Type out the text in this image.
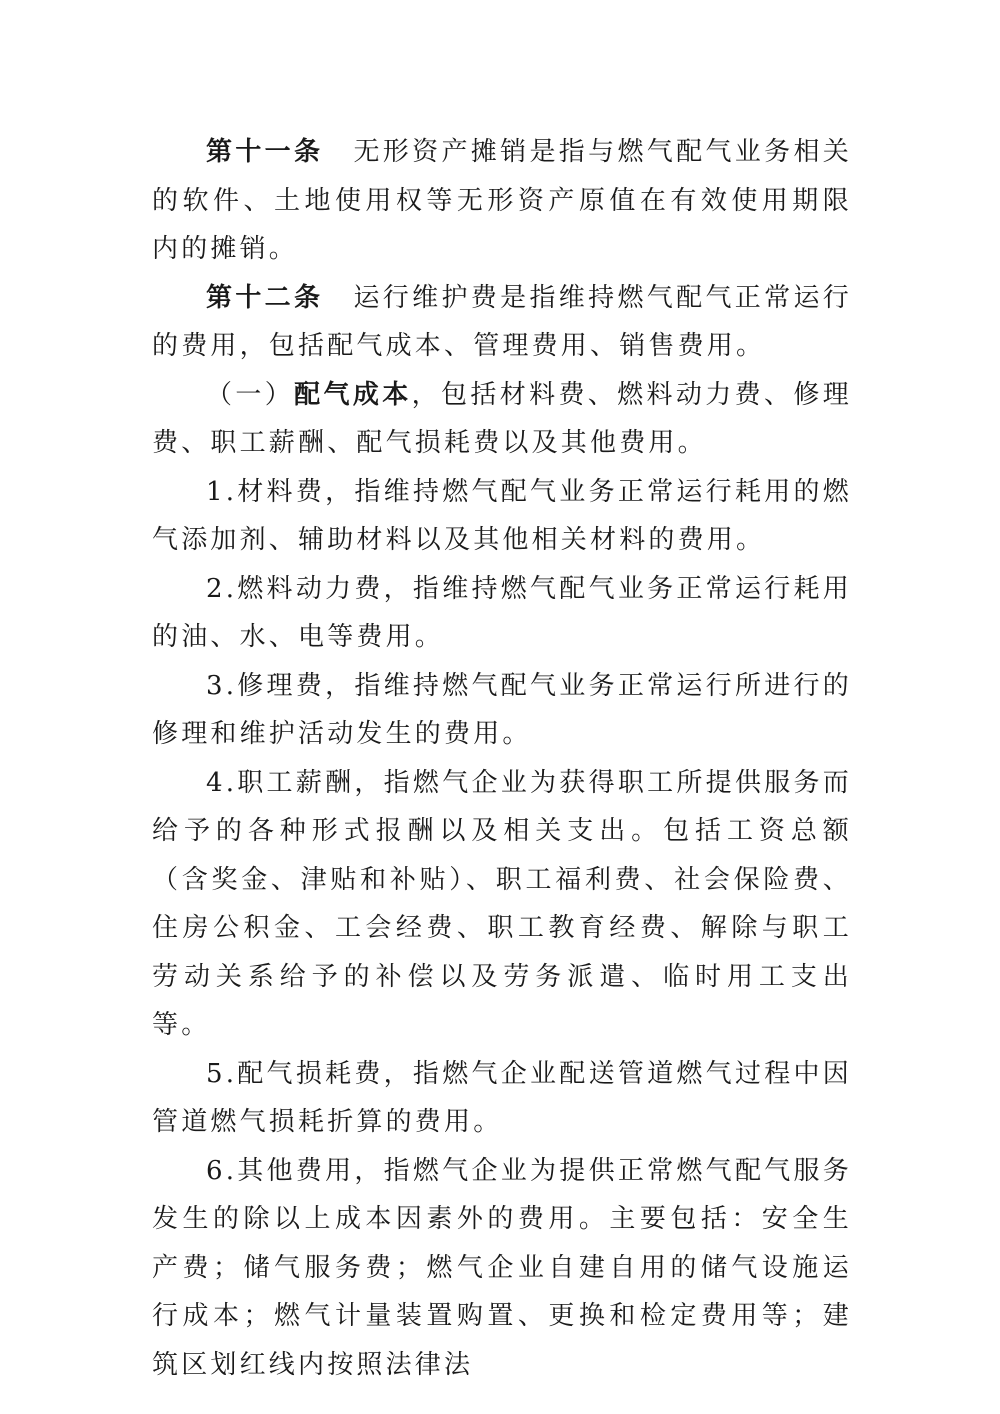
第十一条 无形资产摊销是指与燃气配气业务相关的软件、土地使用权等无形资产原值在有效使用期限内的摊销。

第十二条 运行维护费是指维持燃气配气正常运行的费用，包括配气成本、管理费用、销售费用。

（一）配气成本，包括材料费、燃料动力费、修理费、职工薪酬、配气损耗费以及其他费用。

1.材料费，指维持燃气配气业务正常运行耗用的燃气添加剂、辅助材料以及其他相关材料的费用。

2.燃料动力费，指维持燃气配气业务正常运行耗用的油、水、电等费用。

3.修理费，指维持燃气配气业务正常运行所进行的修理和维护活动发生的费用。

4.职工薪酬，指燃气企业为获得职工所提供服务而给予的各种形式报酬以及相关支出。包括工资总额（含奖金、津贴和补贴）、职工福利费、社会保险费、住房公积金、工会经费、职工教育经费、解除与职工劳动关系给予的补偿以及劳务派遣、临时用工支出等。

5.配气损耗费，指燃气企业配送管道燃气过程中因管道燃气损耗折算的费用。

6.其他费用，指燃气企业为提供正常燃气配气服务发生的除以上成本因素外的费用。主要包括：安全生产费；储气服务费；燃气企业自建自用的储气设施运行成本；燃气计量装置购置、更换和检定费用等；建筑区划红线内按照法律法
